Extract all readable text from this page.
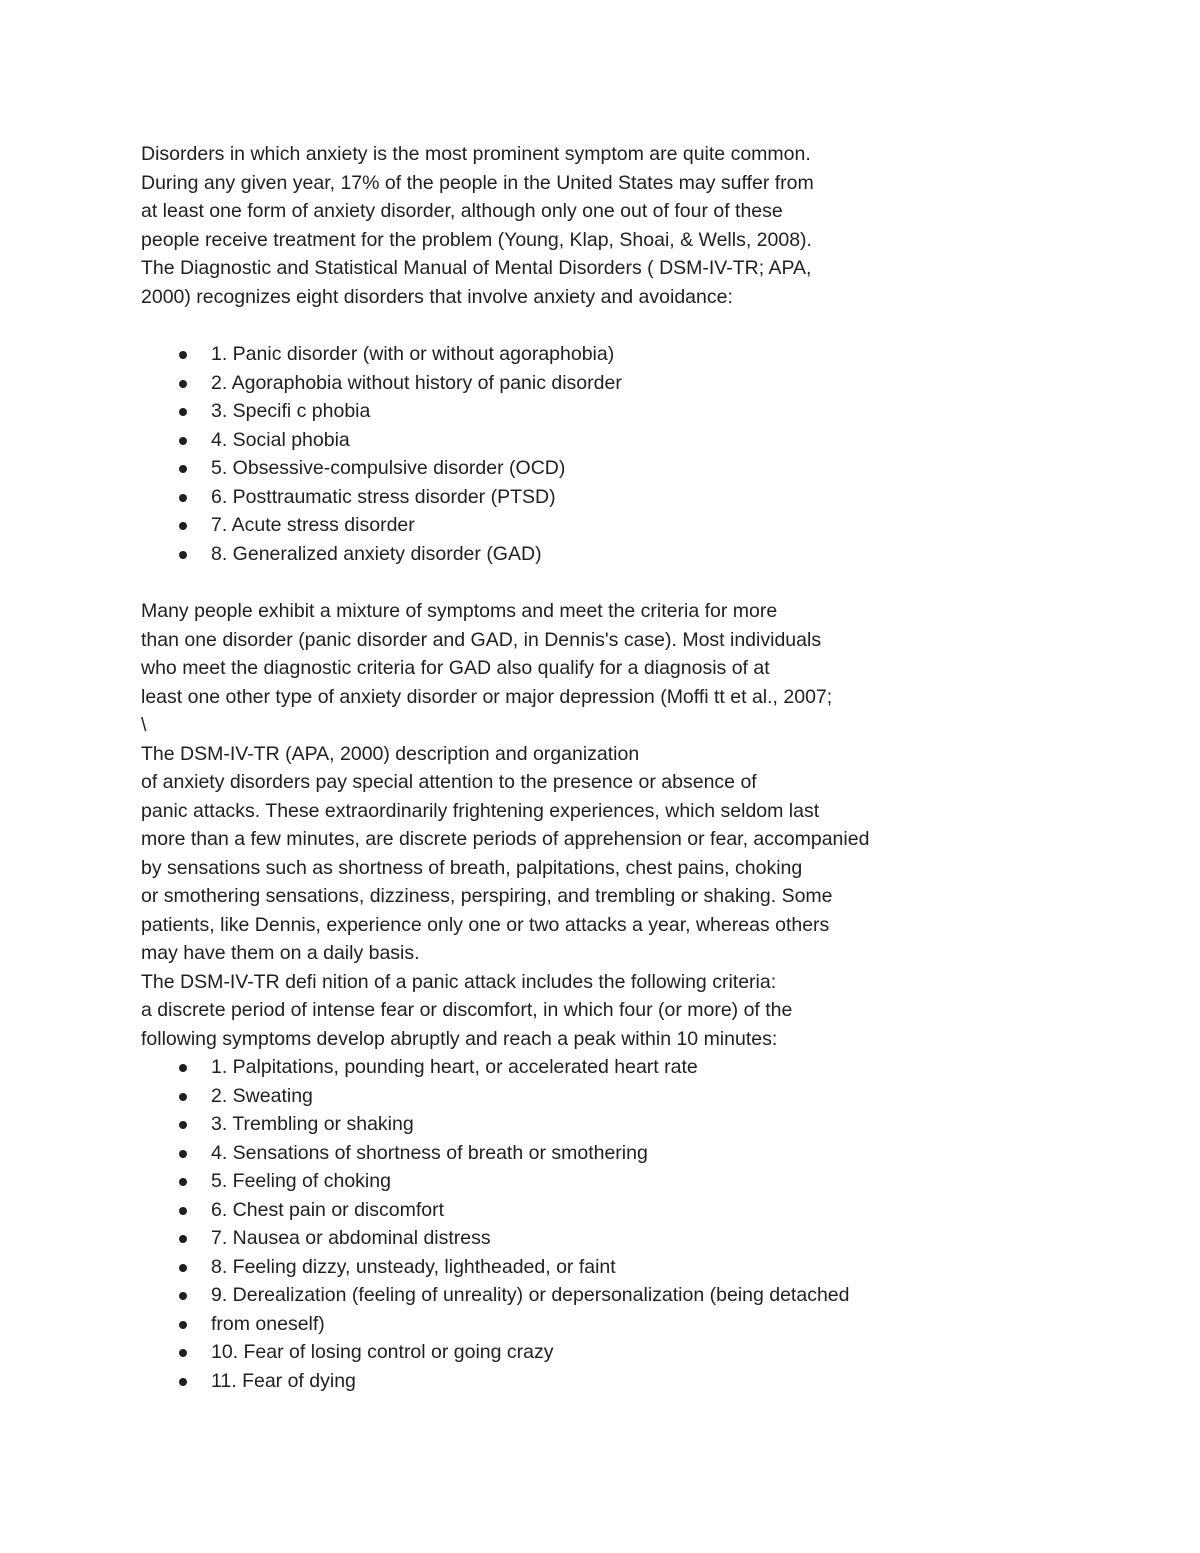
Disorders in which anxiety is the most prominent symptom are quite common.
During any given year, 17% of the people in the United States may suffer from
at least one form of anxiety disorder, although only one out of four of these
people receive treatment for the problem (Young, Klap, Shoai, & Wells, 2008).
The Diagnostic and Statistical Manual of Mental Disorders ( DSM-IV-TR; APA,
2000) recognizes eight disorders that involve anxiety and avoidance:
1. Panic disorder (with or without agoraphobia)
2. Agoraphobia without history of panic disorder
3. Specifi c phobia
4. Social phobia
5. Obsessive-compulsive disorder (OCD)
6. Posttraumatic stress disorder (PTSD)
7. Acute stress disorder
8. Generalized anxiety disorder (GAD)
Many people exhibit a mixture of symptoms and meet the criteria for more
than one disorder (panic disorder and GAD, in Dennis's case). Most individuals
who meet the diagnostic criteria for GAD also qualify for a diagnosis of at
least one other type of anxiety disorder or major depression (Moffi tt et al., 2007;
\
The DSM-IV-TR (APA, 2000) description and organization
of anxiety disorders pay special attention to the presence or absence of
panic attacks. These extraordinarily frightening experiences, which seldom last
more than a few minutes, are discrete periods of apprehension or fear, accompanied
by sensations such as shortness of breath, palpitations, chest pains, choking
or smothering sensations, dizziness, perspiring, and trembling or shaking. Some
patients, like Dennis, experience only one or two attacks a year, whereas others
may have them on a daily basis.
The DSM-IV-TR defi nition of a panic attack includes the following criteria:
a discrete period of intense fear or discomfort, in which four (or more) of the
following symptoms develop abruptly and reach a peak within 10 minutes:
1. Palpitations, pounding heart, or accelerated heart rate
2. Sweating
3. Trembling or shaking
4. Sensations of shortness of breath or smothering
5. Feeling of choking
6. Chest pain or discomfort
7. Nausea or abdominal distress
8. Feeling dizzy, unsteady, lightheaded, or faint
9. Derealization (feeling of unreality) or depersonalization (being detached
from oneself)
10. Fear of losing control or going crazy
11. Fear of dying
